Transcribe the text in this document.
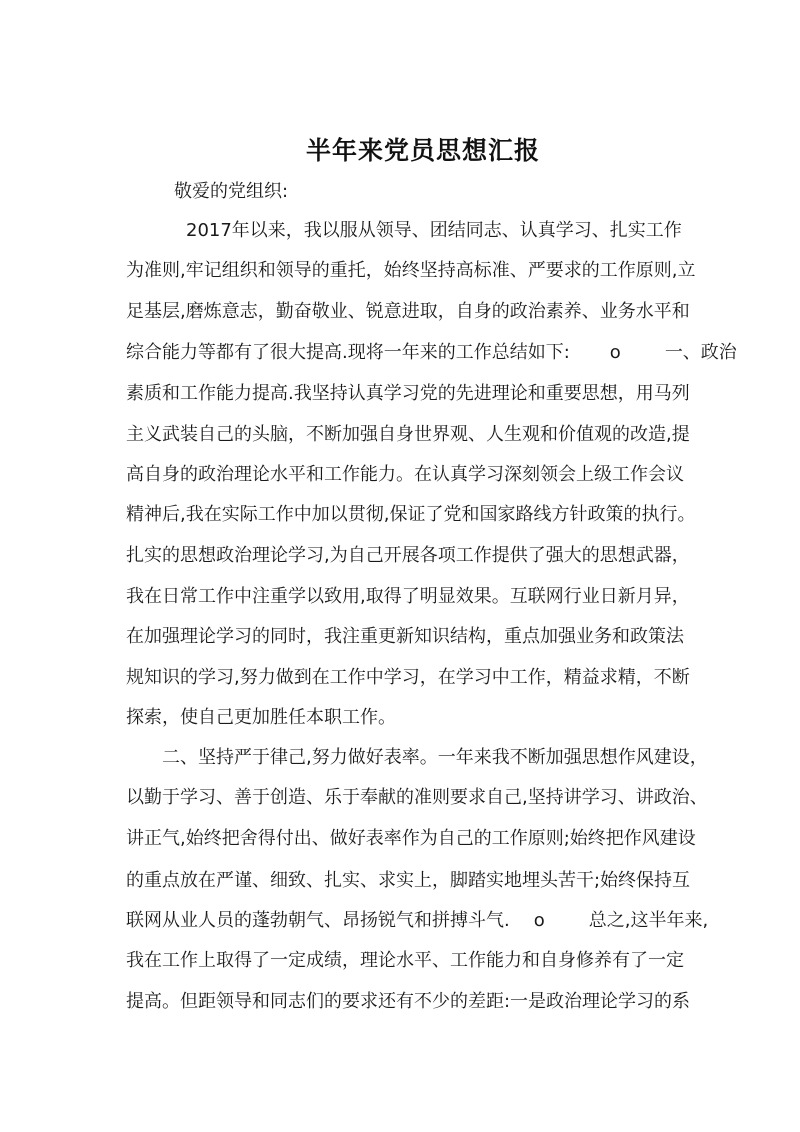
半年来党员思想汇报
敬爱的党组织:
2017年以来，我以服从领导、团结同志、认真学习、扎实工作
为准则,牢记组织和领导的重托，始终坚持高标准、严要求的工作原则,立
足基层,磨炼意志，勤奋敬业、锐意进取，自身的政治素养、业务水平和
综合能力等都有了很大提高.现将一年来的工作总结如下: o 一、政治
素质和工作能力提高.我坚持认真学习党的先进理论和重要思想，用马列
主义武装自己的头脑，不断加强自身世界观、人生观和价值观的改造,提
高自身的政治理论水平和工作能力。在认真学习深刻领会上级工作会议
精神后,我在实际工作中加以贯彻,保证了党和国家路线方针政策的执行。
扎实的思想政治理论学习,为自己开展各项工作提供了强大的思想武器，
我在日常工作中注重学以致用,取得了明显效果。互联网行业日新月异，
在加强理论学习的同时，我注重更新知识结构，重点加强业务和政策法
规知识的学习,努力做到在工作中学习，在学习中工作，精益求精，不断
探索，使自己更加胜任本职工作。
二、坚持严于律己,努力做好表率。一年来我不断加强思想作风建设，
以勤于学习、善于创造、乐于奉献的准则要求自己,坚持讲学习、讲政治、
讲正气,始终把舍得付出、做好表率作为自己的工作原则;始终把作风建设
的重点放在严谨、细致、扎实、求实上，脚踏实地埋头苦干;始终保持互
联网从业人员的蓬勃朝气、昂扬锐气和拼搏斗气. o 总之,这半年来,
我在工作上取得了一定成绩，理论水平、工作能力和自身修养有了一定
提高。但距领导和同志们的要求还有不少的差距:一是政治理论学习的系
